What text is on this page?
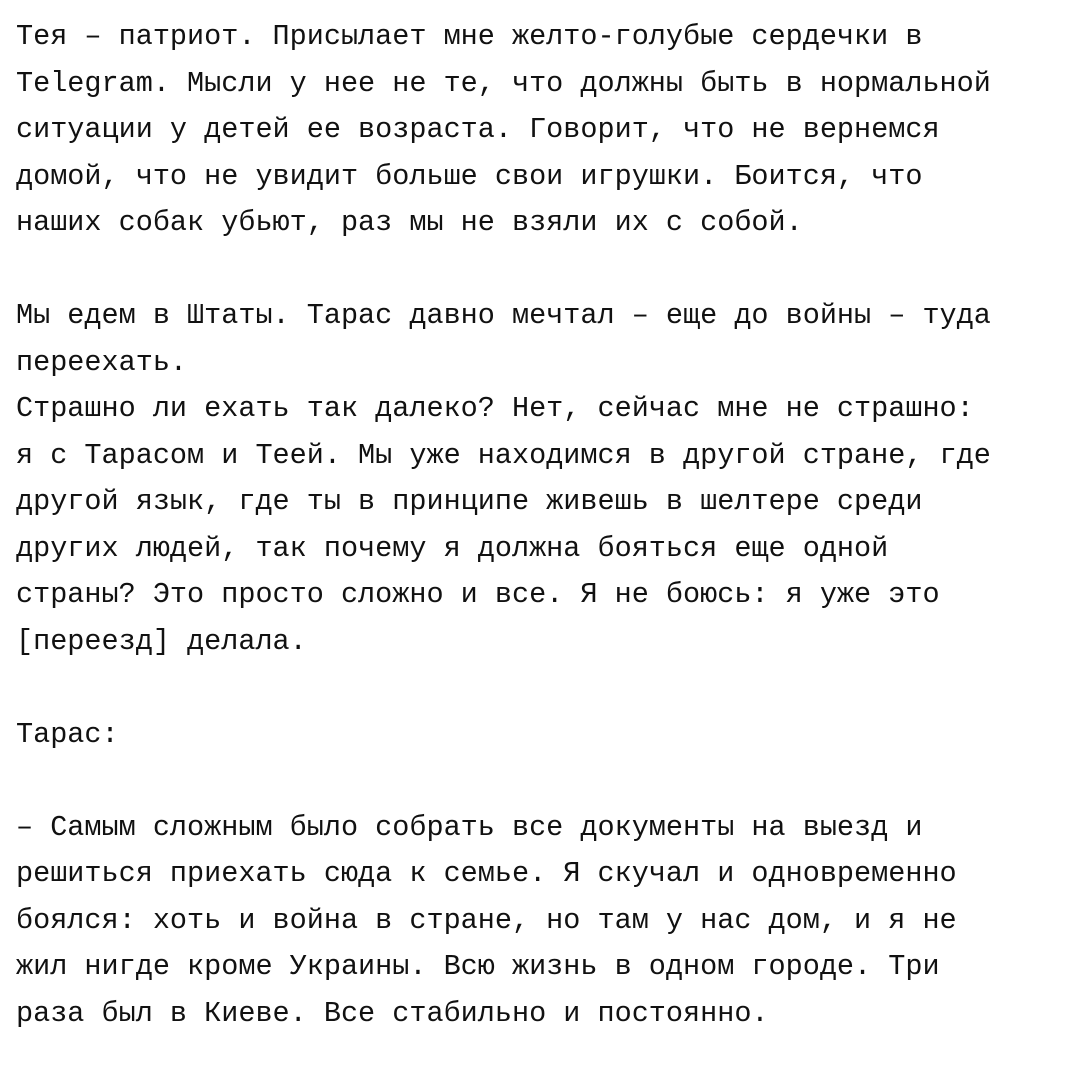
Тея – патриот. Присылает мне желто-голубые сердечки в
Telegram. Мысли у нее не те, что должны быть в нормальной
ситуации у детей ее возраста. Говорит, что не вернемся
домой, что не увидит больше свои игрушки. Боится, что
наших собак убьют, раз мы не взяли их с собой.
Мы едем в Штаты. Тарас давно мечтал – еще до войны – туда
переехать.
Страшно ли ехать так далеко? Нет, сейчас мне не страшно:
я с Тарасом и Теей. Мы уже находимся в другой стране, где
другой язык, где ты в принципе живешь в шелтере среди
других людей, так почему я должна бояться еще одной
страны? Это просто сложно и все. Я не боюсь: я уже это
[переезд] делала.
Тарас:
– Самым сложным было собрать все документы на выезд и
решиться приехать сюда к семье. Я скучал и одновременно
боялся: хоть и война в стране, но там у нас дом, и я не
жил нигде кроме Украины. Всю жизнь в одном городе. Три
раза был в Киеве. Все стабильно и постоянно.
